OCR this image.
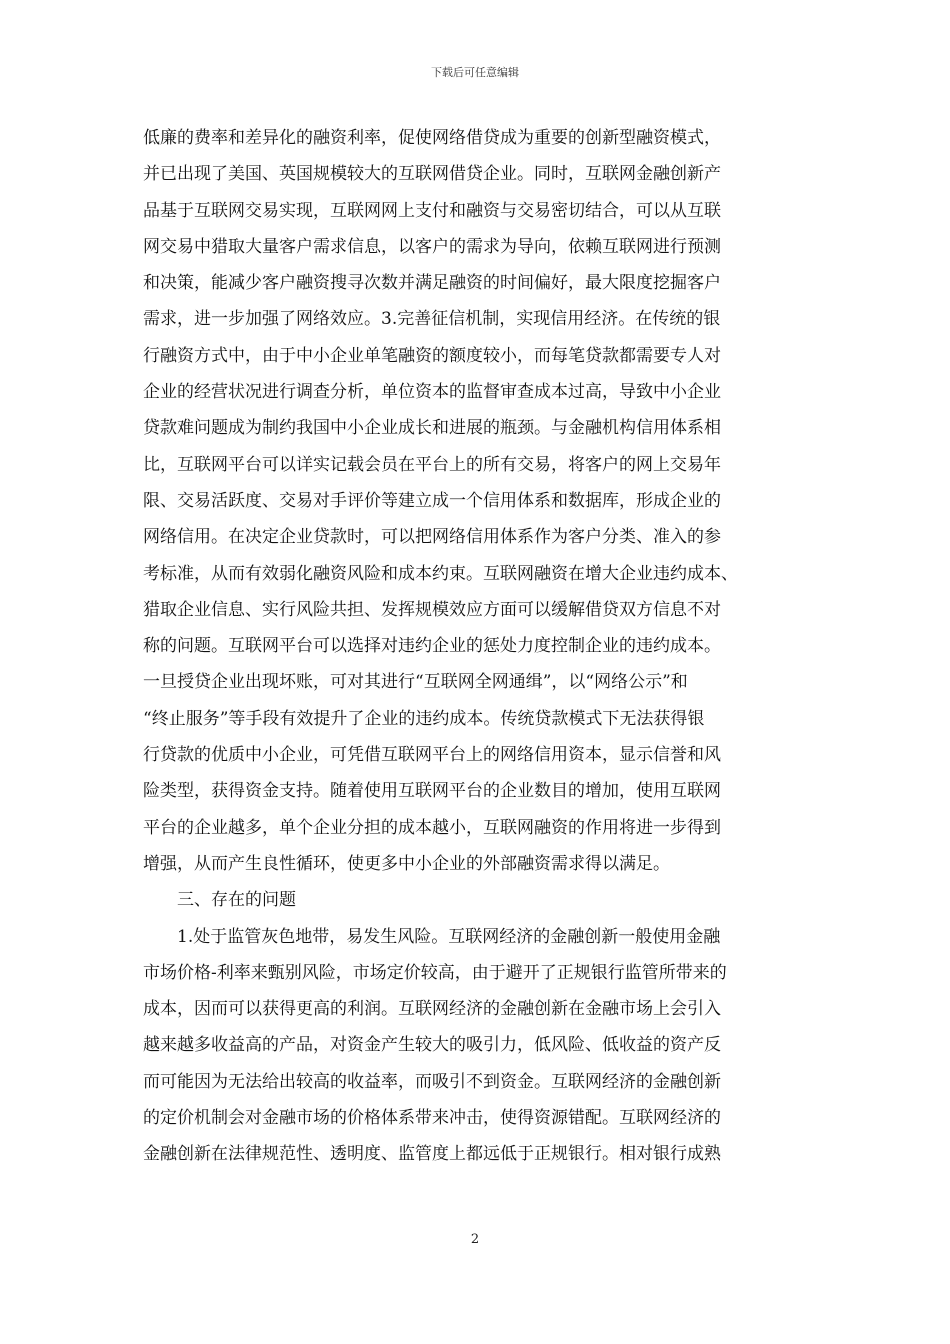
下载后可任意编辑
低廉的费率和差异化的融资利率，促使网络借贷成为重要的创新型融资模式，
并已出现了美国、英国规模较大的互联网借贷企业。同时，互联网金融创新产
品基于互联网交易实现，互联网网上支付和融资与交易密切结合，可以从互联
网交易中猎取大量客户需求信息，以客户的需求为导向，依赖互联网进行预测
和决策，能减少客户融资搜寻次数并满足融资的时间偏好，最大限度挖掘客户
需求，进一步加强了网络效应。3.完善征信机制，实现信用经济。在传统的银
行融资方式中，由于中小企业单笔融资的额度较小，而每笔贷款都需要专人对
企业的经营状况进行调查分析，单位资本的监督审查成本过高，导致中小企业
贷款难问题成为制约我国中小企业成长和进展的瓶颈。与金融机构信用体系相
比，互联网平台可以详实记载会员在平台上的所有交易，将客户的网上交易年
限、交易活跃度、交易对手评价等建立成一个信用体系和数据库，形成企业的
网络信用。在决定企业贷款时，可以把网络信用体系作为客户分类、准入的参
考标准，从而有效弱化融资风险和成本约束。互联网融资在增大企业违约成本、
猎取企业信息、实行风险共担、发挥规模效应方面可以缓解借贷双方信息不对
称的问题。互联网平台可以选择对违约企业的惩处力度控制企业的违约成本。
一旦授贷企业出现坏账，可对其进行“互联网全网通缉”，以“网络公示”和
“终止服务”等手段有效提升了企业的违约成本。传统贷款模式下无法获得银
行贷款的优质中小企业，可凭借互联网平台上的网络信用资本，显示信誉和风
险类型，获得资金支持。随着使用互联网平台的企业数目的增加，使用互联网
平台的企业越多，单个企业分担的成本越小，互联网融资的作用将进一步得到
增强，从而产生良性循环，使更多中小企业的外部融资需求得以满足。
三、存在的问题
1.处于监管灰色地带，易发生风险。互联网经济的金融创新一般使用金融
市场价格-利率来甄别风险，市场定价较高，由于避开了正规银行监管所带来的
成本，因而可以获得更高的利润。互联网经济的金融创新在金融市场上会引入
越来越多收益高的产品，对资金产生较大的吸引力，低风险、低收益的资产反
而可能因为无法给出较高的收益率，而吸引不到资金。互联网经济的金融创新
的定价机制会对金融市场的价格体系带来冲击，使得资源错配。互联网经济的
金融创新在法律规范性、透明度、监管度上都远低于正规银行。相对银行成熟
2
